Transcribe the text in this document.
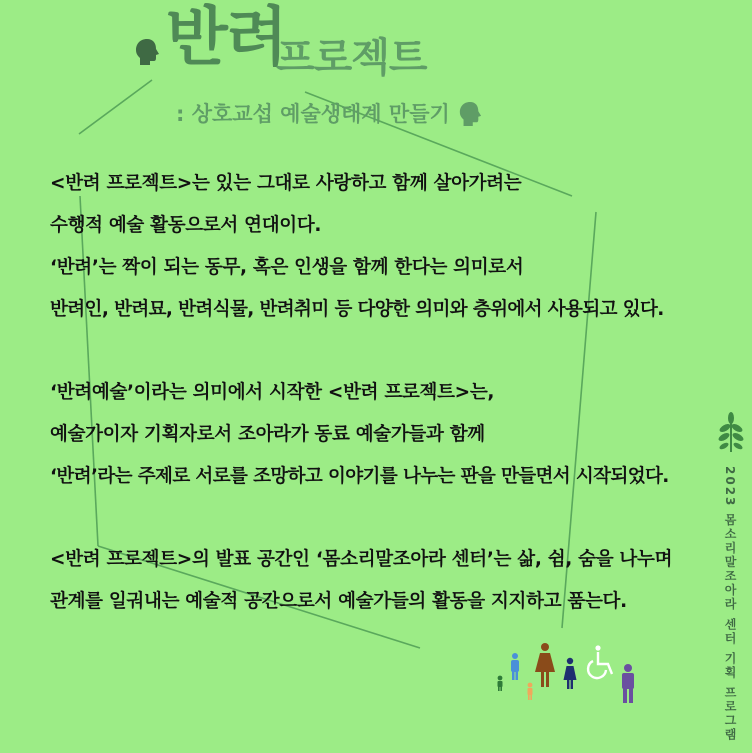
반려
프로젝트
: 상호교섭 예술생태계 만들기
<반려 프로젝트>는 있는 그대로 사랑하고 함께 살아가려는
수행적 예술 활동으로서 연대이다.
‘반려’는 짝이 되는 동무, 혹은 인생을 함께 한다는 의미로서
반려인, 반려묘, 반려식물, 반려취미 등 다양한 의미와 층위에서 사용되고 있다.
‘반려예술’이라는 의미에서 시작한 <반려 프로젝트>는,
예술가이자 기획자로서 조아라가 동료 예술가들과 함께
‘반려’라는 주제로 서로를 조망하고 이야기를 나누는 판을 만들면서 시작되었다.
<반려 프로젝트>의 발표 공간인 ‘몸소리말조아라 센터’는 삶, 쉼, 숨을 나누며
관계를 일궈내는 예술적 공간으로서 예술가들의 활동을 지지하고 품는다.	2023 몸소리말조아라 센터 기획 프로그램
